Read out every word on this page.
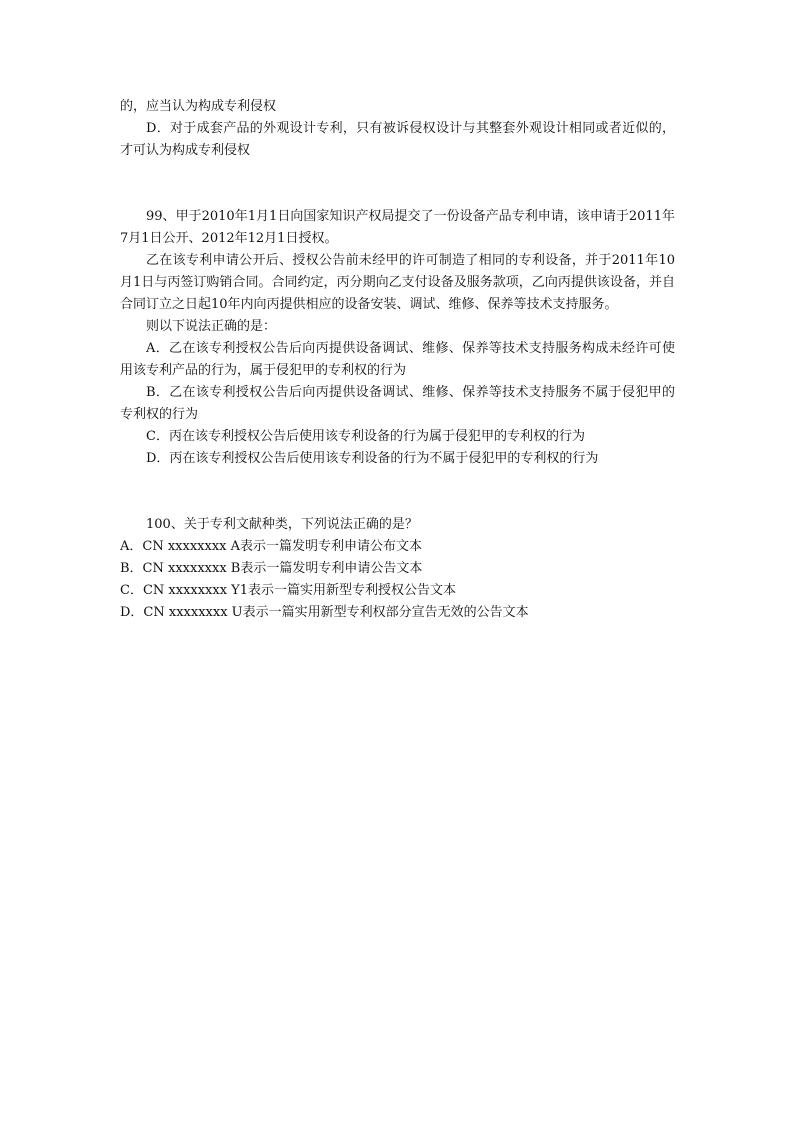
的，应当认为构成专利侵权

D．对于成套产品的外观设计专利，只有被诉侵权设计与其整套外观设计相同或者近似的，才可认为构成专利侵权

99、甲于2010年1月1日向国家知识产权局提交了一份设备产品专利申请，该申请于2011年7月1日公开、2012年12月1日授权。

乙在该专利申请公开后、授权公告前未经甲的许可制造了相同的专利设备，并于2011年10月1日与丙签订购销合同。合同约定，丙分期向乙支付设备及服务款项，乙向丙提供该设备，并自合同订立之日起10年内向丙提供相应的设备安装、调试、维修、保养等技术支持服务。

则以下说法正确的是：

A．乙在该专利授权公告后向丙提供设备调试、维修、保养等技术支持服务构成未经许可使用该专利产品的行为，属于侵犯甲的专利权的行为

B．乙在该专利授权公告后向丙提供设备调试、维修、保养等技术支持服务不属于侵犯甲的专利权的行为

C．丙在该专利授权公告后使用该专利设备的行为属于侵犯甲的专利权的行为

D．丙在该专利授权公告后使用该专利设备的行为不属于侵犯甲的专利权的行为

100、关于专利文献种类，下列说法正确的是？

A．CN xxxxxxxx A表示一篇发明专利申请公布文本

B．CN xxxxxxxx B表示一篇发明专利申请公告文本

C．CN xxxxxxxx Y1表示一篇实用新型专利授权公告文本

D．CN xxxxxxxx U表示一篇实用新型专利权部分宣告无效的公告文本
